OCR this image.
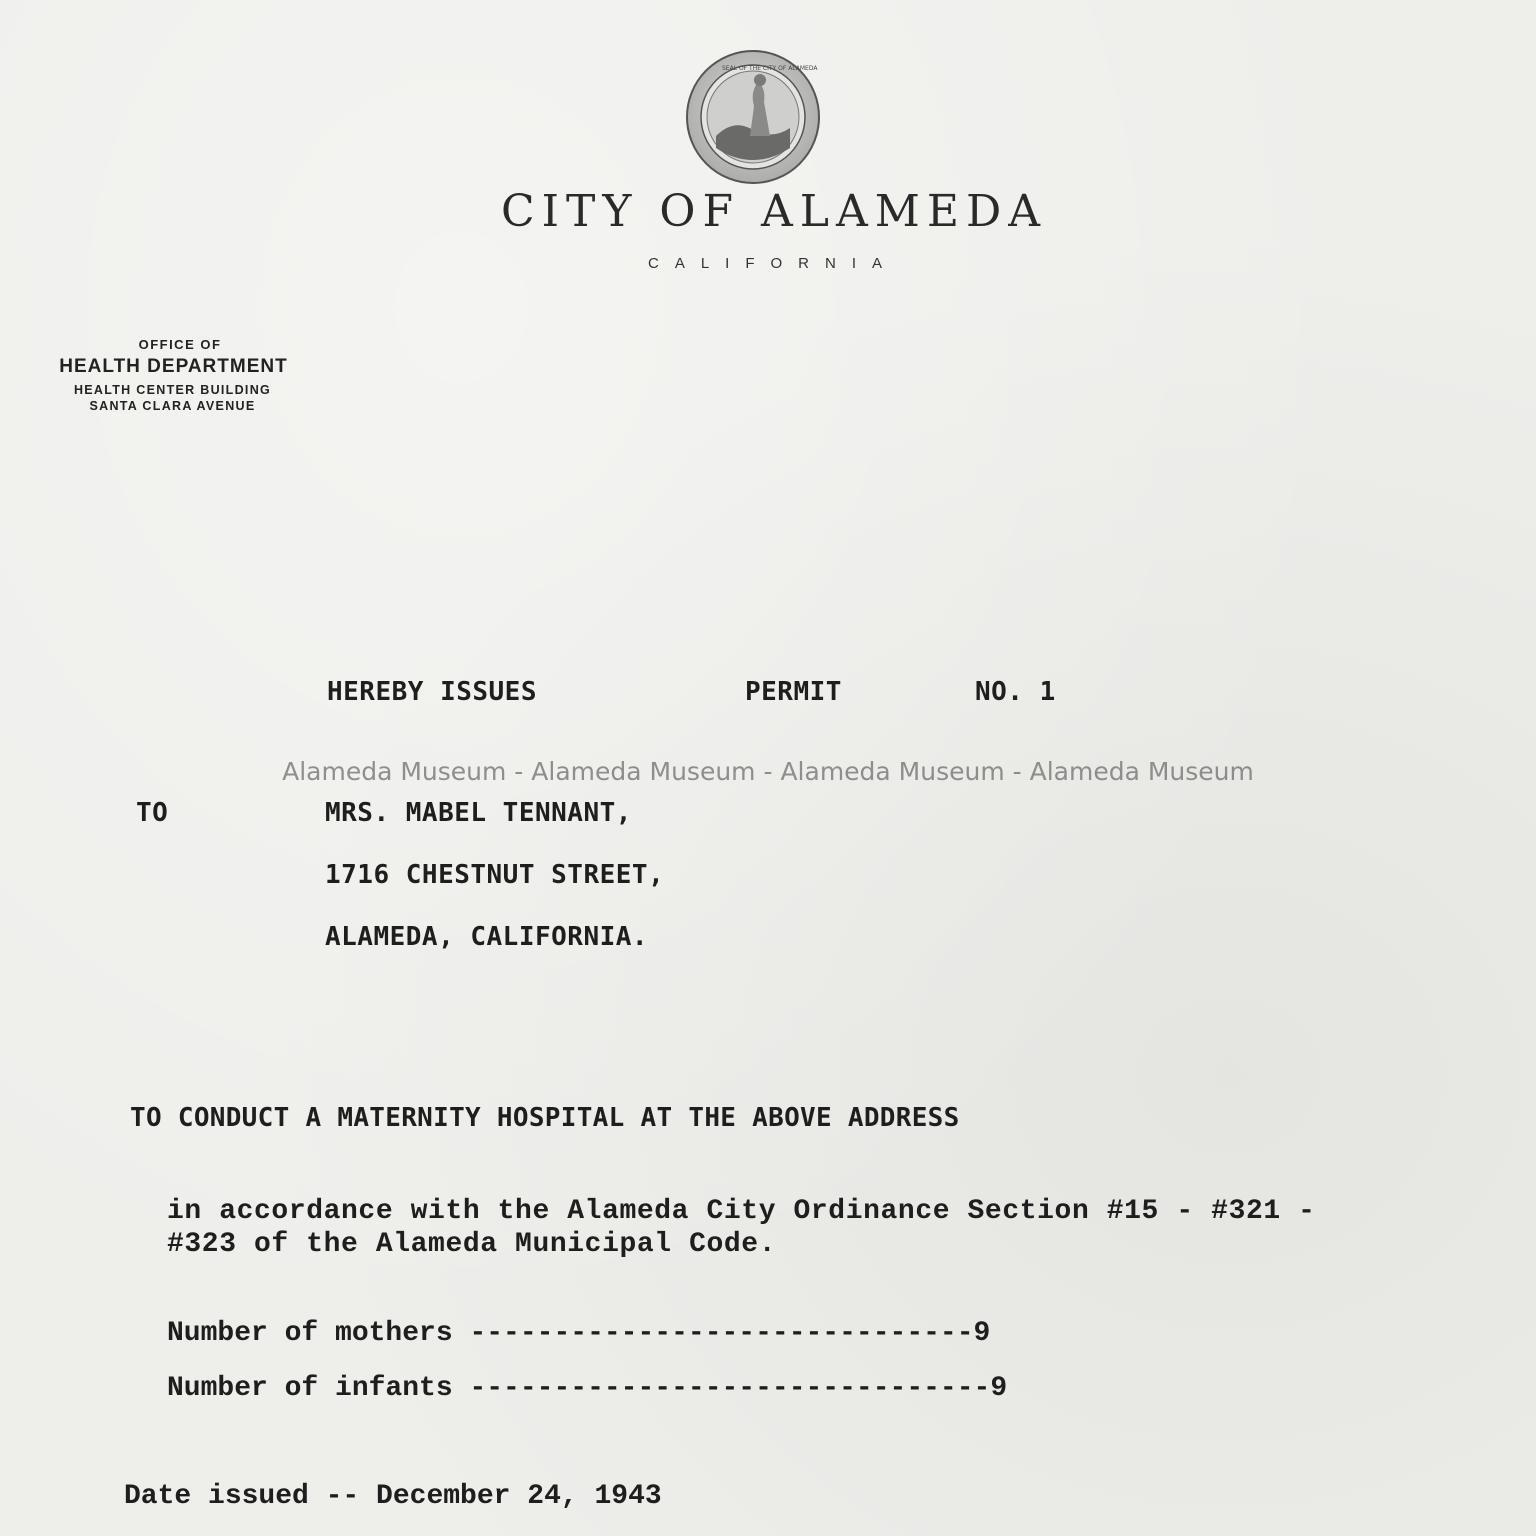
SEAL OF THE CITY OF ALAMEDA
CITY OF ALAMEDA
CALIFORNIA
OFFICE OF
HEALTH DEPARTMENT
HEALTH CENTER BUILDING
SANTA CLARA AVENUE
HEREBY ISSUES	PERMIT	NO. 1
Alameda Museum - Alameda Museum - Alameda Museum - Alameda Museum
TO	MRS. MABEL TENNANT,
1716 CHESTNUT STREET,
ALAMEDA, CALIFORNIA.
TO CONDUCT A MATERNITY HOSPITAL AT THE ABOVE ADDRESS
in accordance with the Alameda City Ordinance Section #15 - #321 -
#323 of the Alameda Municipal Code.
Number of mothers ------------------------------9
Number of infants -------------------------------9
Date issued -- December 24, 1943
